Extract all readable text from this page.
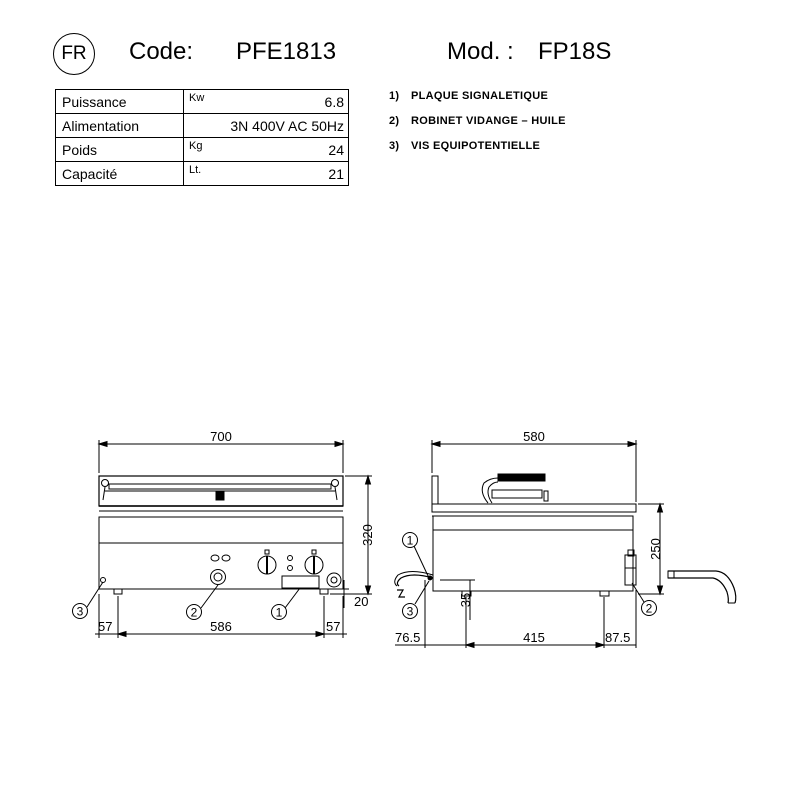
FR Code: PFE1813	Mod. : FP18S
Puissance	Kw 6.8
Alimentation	3N 400V AC 50Hz
Poids	Kg 24
Capacité	Lt. 21
1) PLAQUE SIGNALETIQUE
2) ROBINET VIDANGE – HUILE
3) VIS EQUIPOTENTIELLE
700
320
20
57	586	57
3	2	1
580
250
35
76.5	415	87.5
1
3	2
